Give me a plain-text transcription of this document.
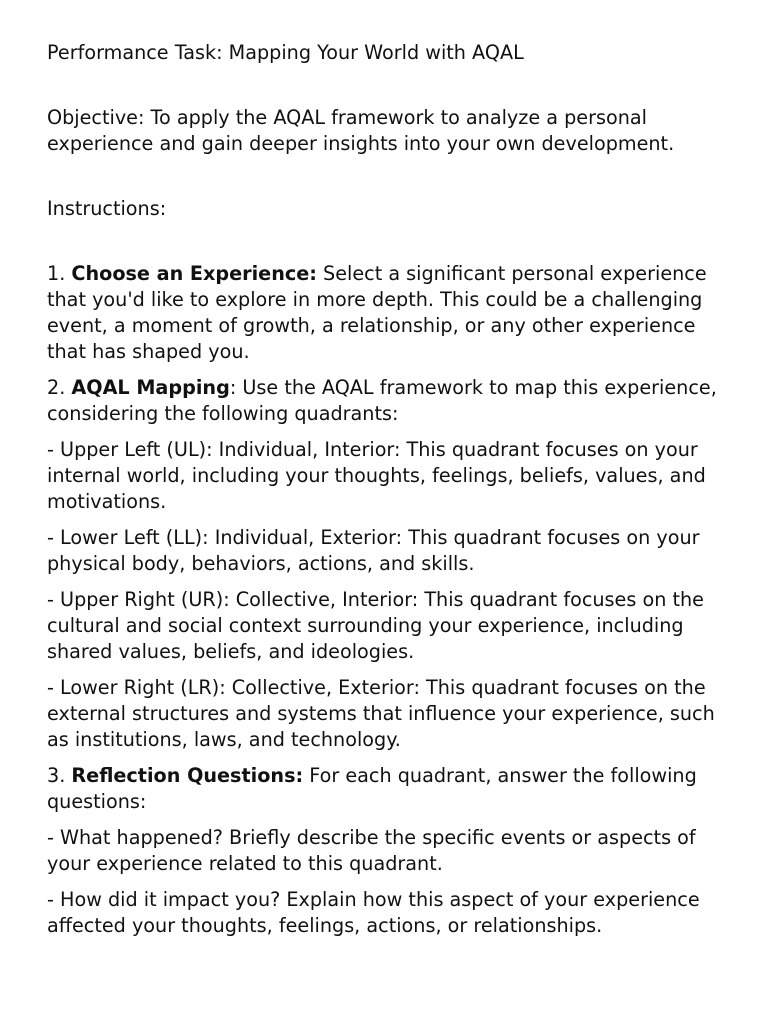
Performance Task: Mapping Your World with AQAL

Objective: To apply the AQAL framework to analyze a personal experience and gain deeper insights into your own development.

Instructions:

1. Choose an Experience: Select a significant personal experience that you'd like to explore in more depth. This could be a challenging event, a moment of growth, a relationship, or any other experience that has shaped you.

2. AQAL Mapping: Use the AQAL framework to map this experience, considering the following quadrants:

- Upper Left (UL): Individual, Interior: This quadrant focuses on your internal world, including your thoughts, feelings, beliefs, values, and motivations.

- Lower Left (LL): Individual, Exterior: This quadrant focuses on your physical body, behaviors, actions, and skills.

- Upper Right (UR): Collective, Interior: This quadrant focuses on the cultural and social context surrounding your experience, including shared values, beliefs, and ideologies.

- Lower Right (LR): Collective, Exterior: This quadrant focuses on the external structures and systems that influence your experience, such as institutions, laws, and technology.

3. Reflection Questions: For each quadrant, answer the following questions:

- What happened? Briefly describe the specific events or aspects of your experience related to this quadrant.

- How did it impact you? Explain how this aspect of your experience affected your thoughts, feelings, actions, or relationships.
